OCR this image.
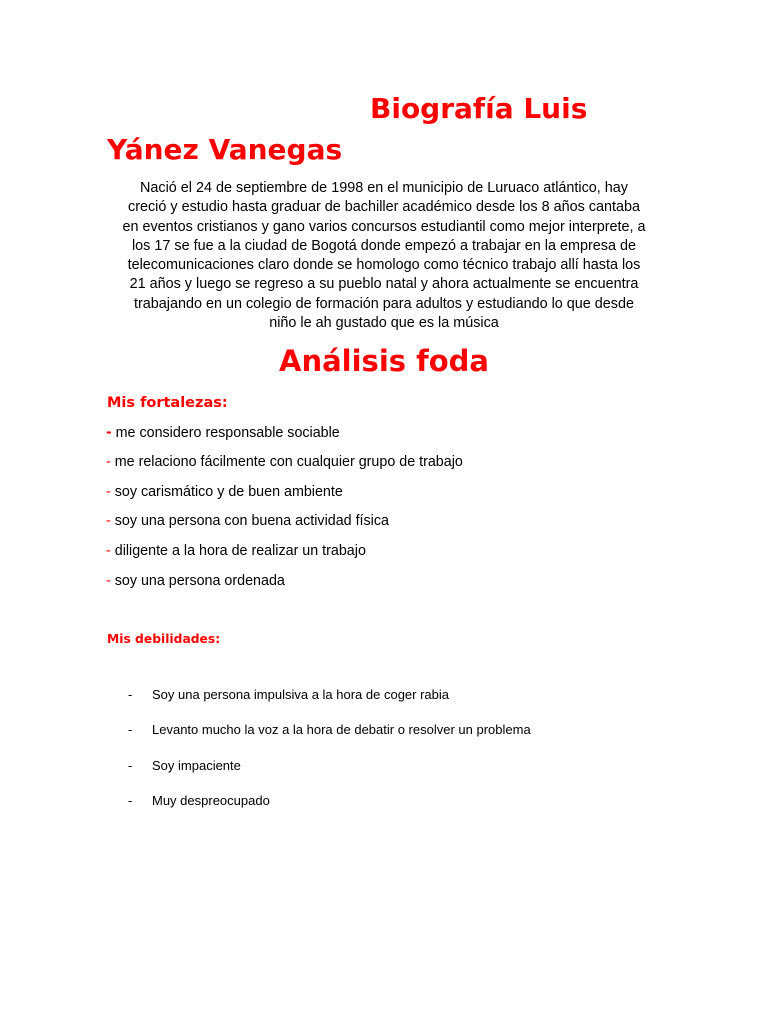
Biografía Luis
Yánez Vanegas

Nació el 24 de septiembre de 1998 en el municipio de Luruaco atlántico, hay
creció y estudio hasta graduar de bachiller académico desde los 8 años cantaba
en eventos cristianos y gano varios concursos estudiantil como mejor interprete, a
los 17 se fue a la ciudad de Bogotá donde empezó a trabajar en la empresa de
telecomunicaciones claro donde se homologo como técnico trabajo allí hasta los
21 años y luego se regreso a su pueblo natal y ahora actualmente se encuentra
trabajando en un colegio de formación para adultos y estudiando lo que desde
niño le ah gustado que es la música

Análisis foda
Mis fortalezas:
- me considero responsable sociable
- me relaciono fácilmente con cualquier grupo de trabajo
- soy carismático y de buen ambiente
- soy una persona con buena actividad física
- diligente a la hora de realizar un trabajo
- soy una persona ordenada
Mis debilidades:
- Soy una persona impulsiva a la hora de coger rabia
- Levanto mucho la voz a la hora de debatir o resolver un problema
- Soy impaciente
- Muy despreocupado
